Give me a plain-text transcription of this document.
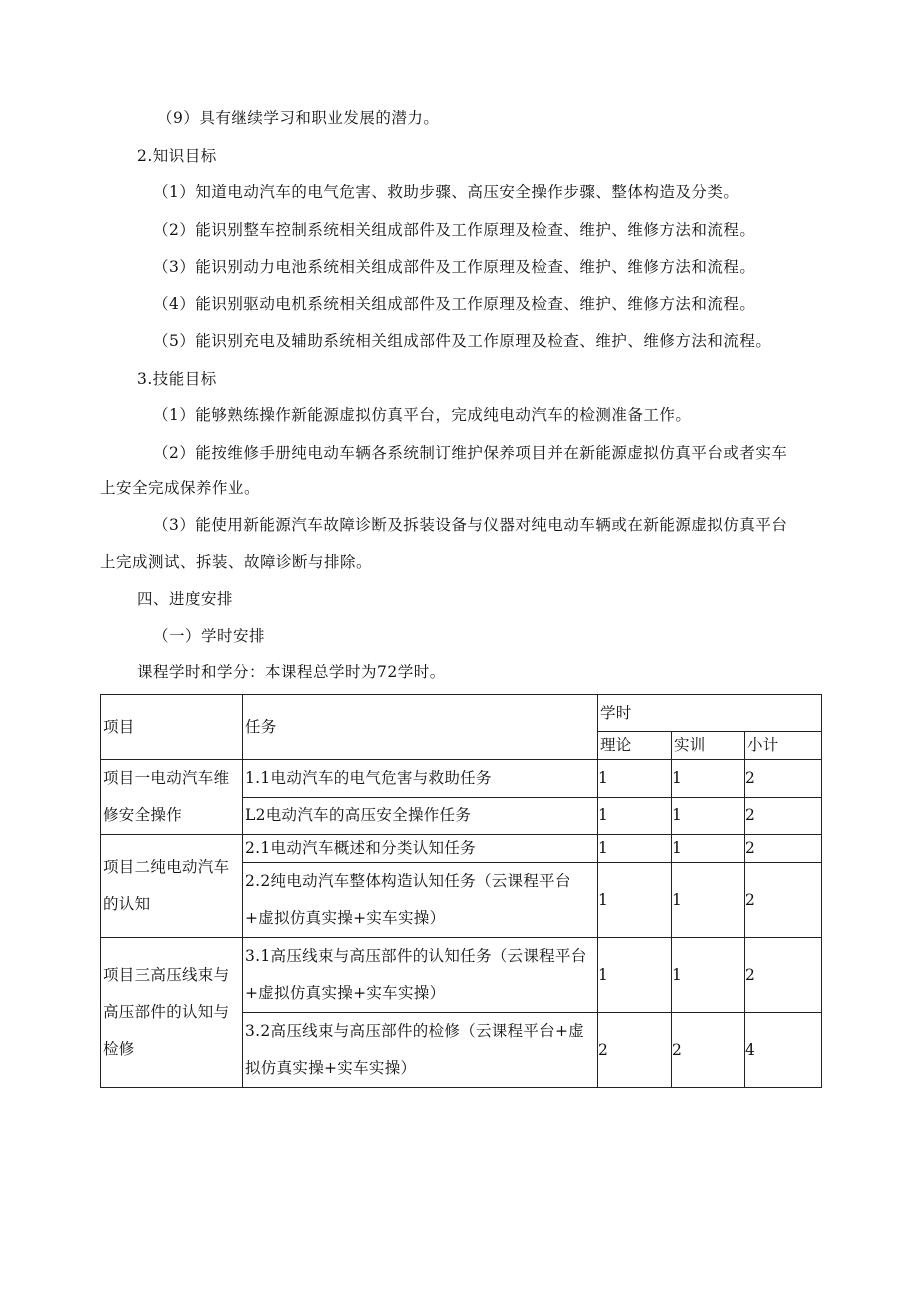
（9）具有继续学习和职业发展的潜力。
2.知识目标
（1）知道电动汽车的电气危害、救助步骤、高压安全操作步骤、整体构造及分类。
（2）能识别整车控制系统相关组成部件及工作原理及检查、维护、维修方法和流程。
（3）能识别动力电池系统相关组成部件及工作原理及检查、维护、维修方法和流程。
（4）能识别驱动电机系统相关组成部件及工作原理及检查、维护、维修方法和流程。
（5）能识别充电及辅助系统相关组成部件及工作原理及检查、维护、维修方法和流程。
3.技能目标
（1）能够熟练操作新能源虚拟仿真平台，完成纯电动汽车的检测准备工作。
（2）能按维修手册纯电动车辆各系统制订维护保养项目并在新能源虚拟仿真平台或者实车
上安全完成保养作业。
（3）能使用新能源汽车故障诊断及拆装设备与仪器对纯电动车辆或在新能源虚拟仿真平台
上完成测试、拆装、故障诊断与排除。
四、进度安排
（一）学时安排
课程学时和学分：本课程总学时为72学时。
项目	任务	学时		
		理论	实训	小计
项目一电动汽车维修安全操作	1.1电动汽车的电气危害与救助任务	1	1	2
	L2电动汽车的高压安全操作任务	1	1	2
项目二纯电动汽车的认知	2.1电动汽车概述和分类认知任务	1	1	2
	2.2纯电动汽车整体构造认知任务（云课程平台+虚拟仿真实操+实车实操）	1	1	2
项目三高压线束与高压部件的认知与检修	3.1高压线束与高压部件的认知任务（云课程平台+虚拟仿真实操+实车实操）	1	1	2
	3.2高压线束与高压部件的检修（云课程平台+虚拟仿真实操+实车实操）	2	2	4
